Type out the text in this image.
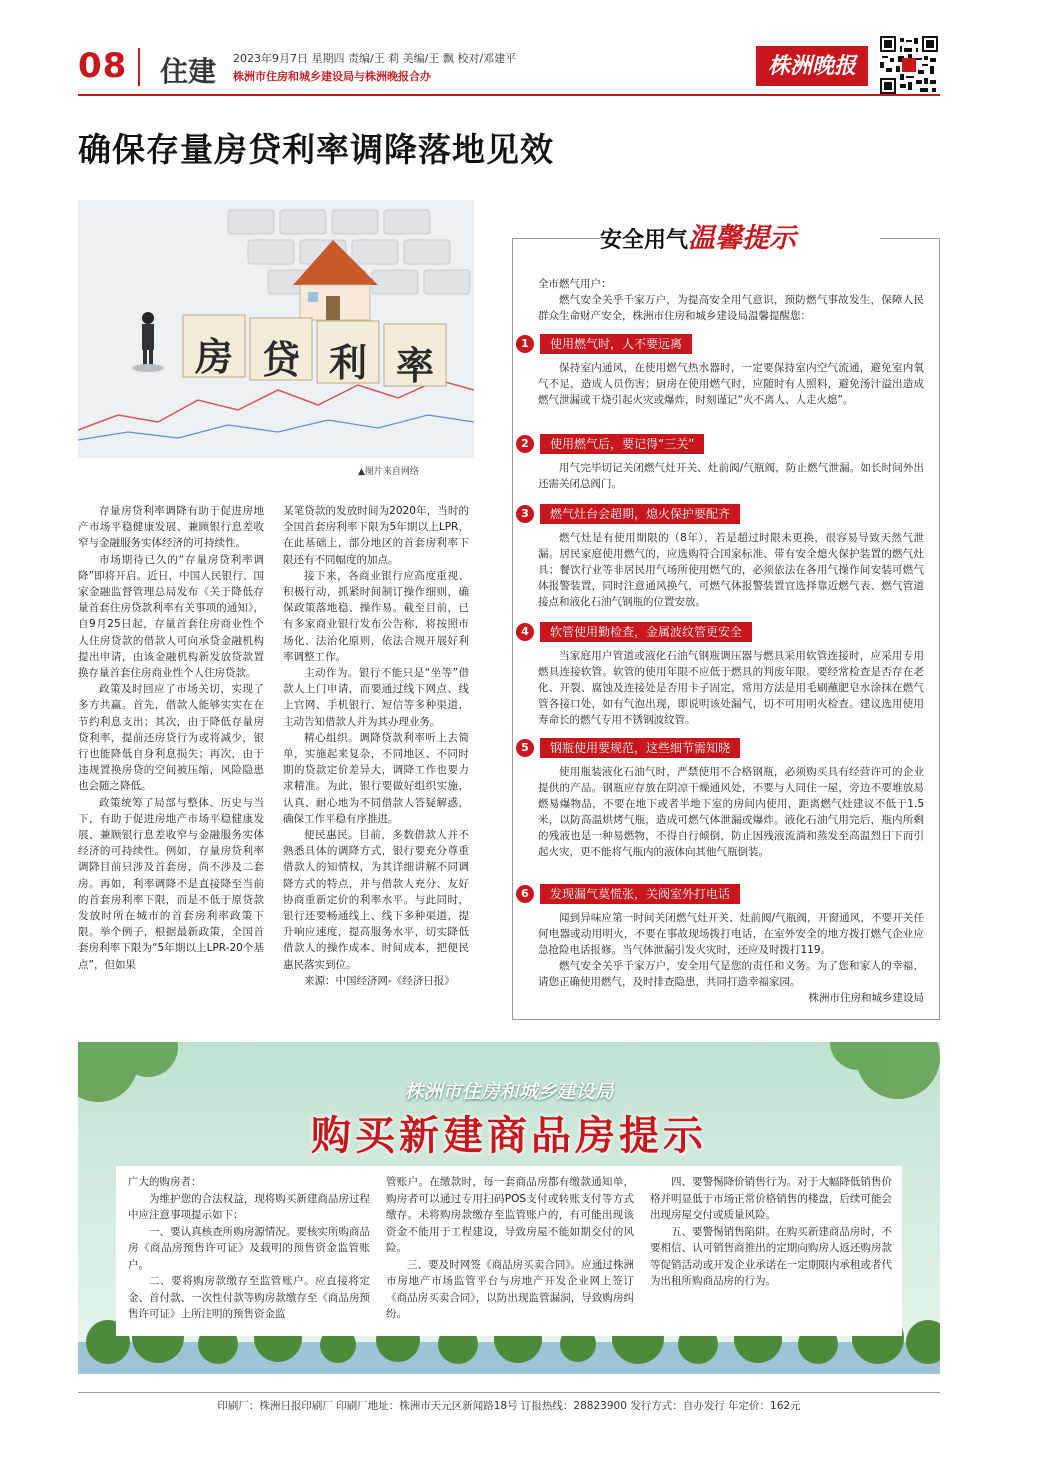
08 住建 2023年9月7日 星期四 责编/王 莉 美编/王 飘 校对/邓建平
株洲市住房和城乡建设局与株洲晚报合办	株洲晚报
确保存量房贷利率调降落地见效
房 贷 利 率
▲图片来自网络

存量房贷利率调降有助于促进房地产市场平稳健康发展、兼顾银行息差收窄与金融服务实体经济的可持续性。

市场期待已久的“存量房贷利率调降”即将开启。近日，中国人民银行、国家金融监督管理总局发布《关于降低存量首套住房贷款利率有关事项的通知》，自9月25日起，存量首套住房商业性个人住房贷款的借款人可向承贷金融机构提出申请，由该金融机构新发放贷款置换存量首套住房商业性个人住房贷款。

政策及时回应了市场关切，实现了多方共赢。首先，借款人能够实实在在节约利息支出；其次，由于降低存量房贷利率，提前还房贷行为或将减少，银行也能降低自身利息损失；再次，由于违规置换房贷的空间被压缩，风险隐患也会随之降低。

政策统筹了局部与整体、历史与当下，有助于促进房地产市场平稳健康发展、兼顾银行息差收窄与金融服务实体经济的可持续性。例如，存量房贷利率调降目前只涉及首套房，尚不涉及二套房。再如，利率调降不是直接降至当前的首套房利率下限，而是不低于原贷款发放时所在城市的首套房利率政策下限。举个例子，根据最新政策，全国首套房利率下限为“5年期以上LPR-20个基点”，但如果

某笔贷款的发放时间为2020年，当时的全国首套房利率下限为5年期以上LPR，在此基础上，部分地区的首套房利率下限还有不同幅度的加点。

接下来，各商业银行应高度重视、积极行动，抓紧时间制订操作细则，确保政策落地稳、操作易。截至目前，已有多家商业银行发布公告称，将按照市场化、法治化原则，依法合规开展好利率调整工作。

主动作为。银行不能只是“坐等”借款人上门申请，而要通过线下网点、线上官网、手机银行、短信等多种渠道，主动告知借款人并为其办理业务。

精心组织。调降贷款利率听上去简单，实施起来复杂，不同地区、不同时期的贷款定价差异大，调降工作也要力求精准。为此，银行要做好组织实施，认真、耐心地为不同借款人答疑解惑，确保工作平稳有序推进。

便民惠民。目前，多数借款人并不熟悉具体的调降方式，银行要充分尊重借款人的知情权，为其详细讲解不同调降方式的特点，并与借款人充分、友好协商重新定价的利率水平。与此同时，银行还要畅通线上、线下多种渠道，提升响应速度，提高服务水平，切实降低借款人的操作成本、时间成本，把便民惠民落实到位。

来源：中国经济网-《经济日报》

安全用气温馨提示
全市燃气用户：

燃气安全关乎千家万户，为提高安全用气意识，预防燃气事故发生，保障人民群众生命财产安全，株洲市住房和城乡建设局温馨提醒您：

1	使用燃气时，人不要远离

保持室内通风，在使用燃气热水器时，一定要保持室内空气流通，避免室内氧气不足，造成人员伤害；厨房在使用燃气时，应随时有人照料，避免汤汁溢出造成燃气泄漏或干烧引起火灾或爆炸，时刻谨记“火不离人、人走火熄”。

2	使用燃气后，要记得“三关”

用气完毕切记关闭燃气灶开关、灶前阀/气瓶阀，防止燃气泄漏。如长时间外出还需关闭总阀门。

3	燃气灶台会超期，熄火保护要配齐

燃气灶是有使用期限的（8年），若是超过时限未更换，很容易导致天然气泄漏。居民家庭使用燃气的，应选购符合国家标准、带有安全熄火保护装置的燃气灶具；餐饮行业等非居民用气场所使用燃气的，必须依法在各用气操作间安装可燃气体报警装置，同时注意通风换气，可燃气体报警装置宜选择靠近燃气表、燃气管道接点和液化石油气钢瓶的位置安放。

4	软管使用勤检查，金属波纹管更安全

当家庭用户管道或液化石油气钢瓶调压器与燃具采用软管连接时，应采用专用燃具连接软管。软管的使用年限不应低于燃具的判废年限。要经常检查是否存在老化、开裂、腐蚀及连接处是否用卡子固定，常用方法是用毛刷蘸肥皂水涂抹在燃气管各接口处，如有气泡出现，即说明该处漏气，切不可用明火检查。建议选用使用寿命长的燃气专用不锈钢波纹管。

5	钢瓶使用要规范，这些细节需知晓

使用瓶装液化石油气时，严禁使用不合格钢瓶，必须购买具有经营许可的企业提供的产品。钢瓶应存放在阴凉干燥通风处，不要与人同住一屋，旁边不要堆放易燃易爆物品，不要在地下或者半地下室的房间内使用，距离燃气灶建议不低于1.5米，以防高温烘烤气瓶，造成可燃气体泄漏或爆炸。液化石油气用完后，瓶内所剩的残液也是一种易燃物，不得自行倾倒，防止因残液流淌和蒸发至高温烈日下而引起火灾，更不能将气瓶内的液体向其他气瓶倒装。

6	发现漏气莫慌张，关阀室外打电话

闻到异味应第一时间关闭燃气灶开关、灶前阀/气瓶阀，开窗通风，不要开关任何电器或动用明火，不要在事故现场拨打电话，在室外安全的地方拨打燃气企业应急抢险电话报修。当气体泄漏引发火灾时，还应及时拨打119。

燃气安全关乎千家万户，安全用气是您的责任和义务。为了您和家人的幸福，请您正确使用燃气，及时排查隐患，共同打造幸福家园。

株洲市住房和城乡建设局
株洲市住房和城乡建设局
购买新建商品房提示

广大的购房者：

为维护您的合法权益，现将购买新建商品房过程中应注意事项提示如下：

一、要认真核查所购房源情况。要核实所购商品房《商品房预售许可证》及载明的预售资金监管账户。

二、要将购房款缴存至监管账户。应直接将定金、首付款、一次性付款等购房款缴存至《商品房预售许可证》上所注明的预售资金监

管账户。在缴款时，每一套商品房都有缴款通知单，购房者可以通过专用扫码POS支付或转账支付等方式缴存。未将购房款缴存至监管账户的，有可能出现该资金不能用于工程建设，导致房屋不能如期交付的风险。

三、要及时网签《商品房买卖合同》。应通过株洲市房地产市场监管平台与房地产开发企业网上签订《商品房买卖合同》，以防出现监管漏洞，导致购房纠纷。

四、要警惕降价销售行为。对于大幅降低销售价格并明显低于市场正常价格销售的楼盘，后续可能会出现房屋交付或质量风险。

五、要警惕销售陷阱。在购买新建商品房时，不要相信、认可销售商推出的定期向购房人返还购房款等促销活动或开发企业承诺在一定期限内承租或者代为出租所购商品房的行为。

印刷厂：株洲日报印刷厂 印刷厂地址：株洲市天元区新闻路18号 订报热线：28823900 发行方式：自办发行 年定价：162元
